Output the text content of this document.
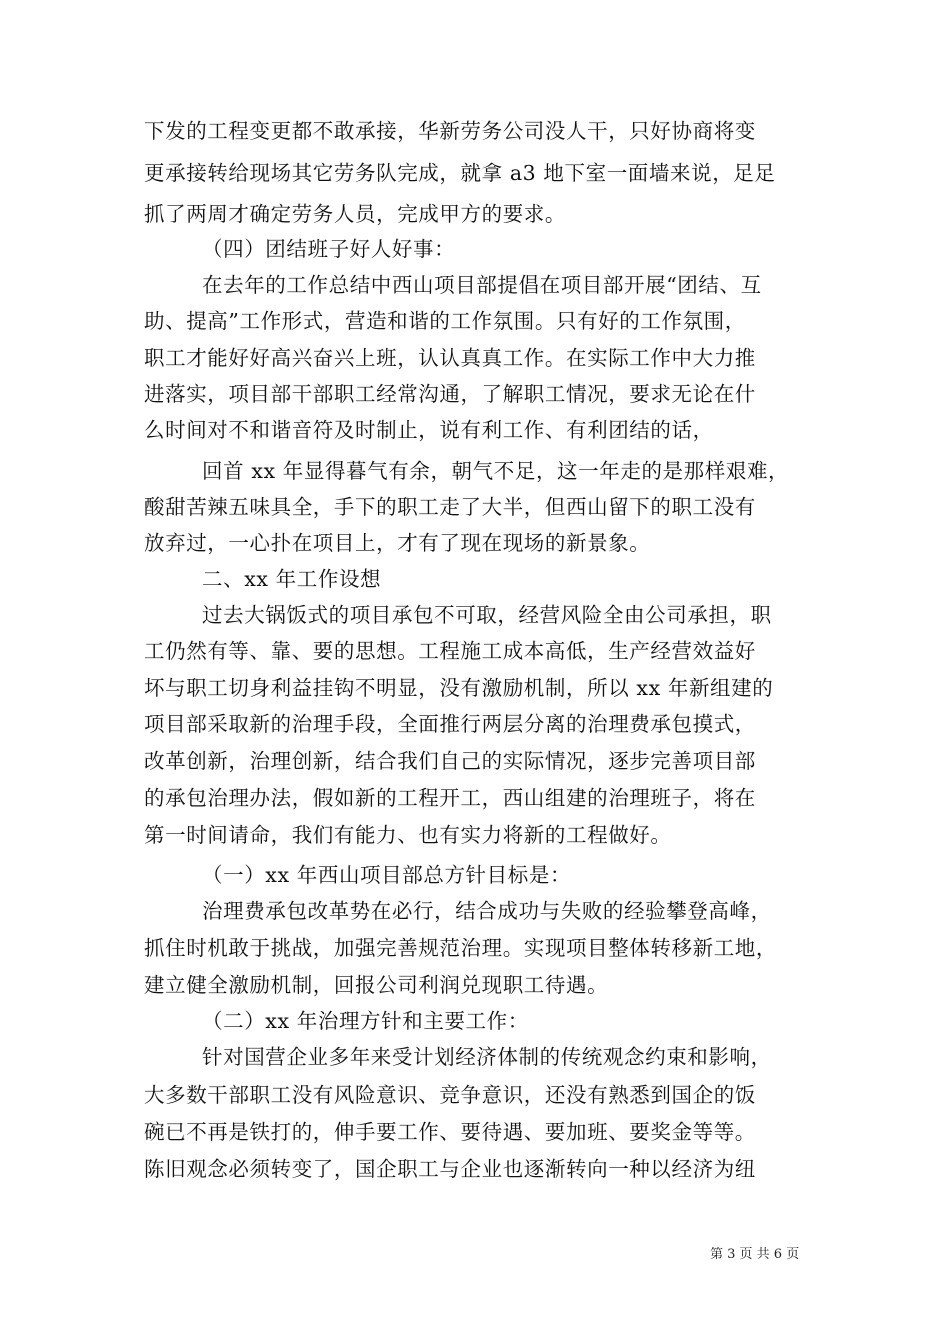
下发的工程变更都不敢承接，华新劳务公司没人干，只好协商将变
更承接转给现场其它劳务队完成，就拿 a3 地下室一面墙来说，足足
抓了两周才确定劳务人员，完成甲方的要求。
（四）团结班子好人好事：
在去年的工作总结中西山项目部提倡在项目部开展“团结、互
助、提高”工作形式，营造和谐的工作氛围。只有好的工作氛围，
职工才能好好高兴奋兴上班，认认真真工作。在实际工作中大力推
进落实，项目部干部职工经常沟通，了解职工情况，要求无论在什
么时间对不和谐音符及时制止，说有利工作、有利团结的话，
回首 xx 年显得暮气有余，朝气不足，这一年走的是那样艰难，
酸甜苦辣五味具全，手下的职工走了大半，但西山留下的职工没有
放弃过，一心扑在项目上，才有了现在现场的新景象。
二、xx 年工作设想
过去大锅饭式的项目承包不可取，经营风险全由公司承担，职
工仍然有等、靠、要的思想。工程施工成本高低，生产经营效益好
坏与职工切身利益挂钩不明显，没有激励机制，所以 xx 年新组建的
项目部采取新的治理手段，全面推行两层分离的治理费承包摸式，
改革创新，治理创新，结合我们自己的实际情况，逐步完善项目部
的承包治理办法，假如新的工程开工，西山组建的治理班子，将在
第一时间请命，我们有能力、也有实力将新的工程做好。
（一）xx 年西山项目部总方针目标是：
治理费承包改革势在必行，结合成功与失败的经验攀登高峰，
抓住时机敢于挑战，加强完善规范治理。实现项目整体转移新工地，
建立健全激励机制，回报公司利润兑现职工待遇。
（二）xx 年治理方针和主要工作：
针对国营企业多年来受计划经济体制的传统观念约束和影响，
大多数干部职工没有风险意识、竞争意识，还没有熟悉到国企的饭
碗已不再是铁打的，伸手要工作、要待遇、要加班、要奖金等等。
陈旧观念必须转变了，国企职工与企业也逐渐转向一种以经济为纽
第 3 页 共 6 页
